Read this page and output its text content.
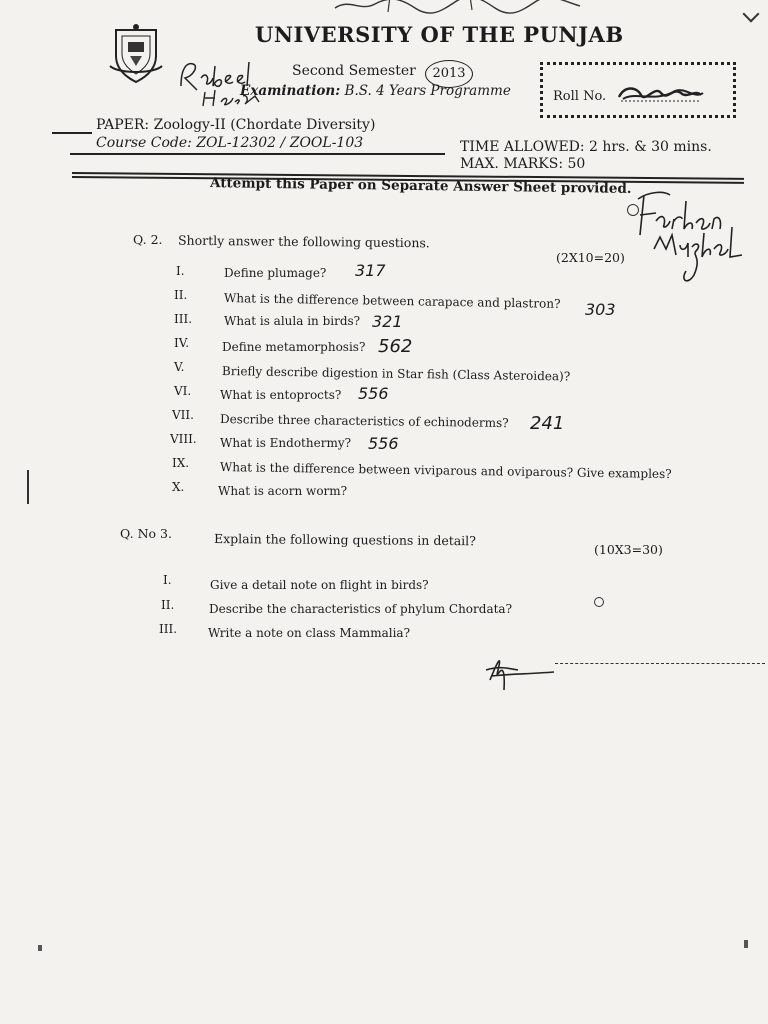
UNIVERSITY OF THE PUNJAB
Second Semester	2013
Examination: B.S. 4 Years Programme	Roll No.
PAPER: Zoology-II (Chordate Diversity)
Course Code: ZOL-12302 / ZOOL-103	TIME ALLOWED: 2 hrs. & 30 mins.
MAX. MARKS: 50
Attempt this Paper on Separate Answer Sheet provided.
Q. 2. Shortly answer the following questions.
(2X10=20)
I.	Define plumage? 317
II.	What is the difference between carapace and plastron? 303
III.	What is alula in birds? 321
IV.	Define metamorphosis? 562
V.	Briefly describe digestion in Star fish (Class Asteroidea)?
VI. What is entoprocts? 556
VII. Describe three characteristics of echinoderms? 241
VIII. What is Endothermy? 556
IX.	What is the difference between viviparous and oviparous? Give examples?
X.	What is acorn worm?
Q. No 3.	Explain the following questions in detail?
(10X3=30)
I.	Give a detail note on flight in birds?
II.	Describe the characteristics of phylum Chordata?
III.	Write a note on class Mammalia?
